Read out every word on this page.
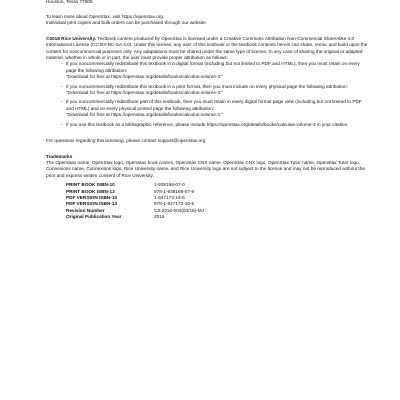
Houston, Texas 77005

To learn more about OpenStax, visit https://openstax.org.

Individual print copies and bulk orders can be purchased through our website.

©2018 Rice University. Textbook content produced by OpenStax is licensed under a Creative Commons Attribution Non-Commercial ShareAlike 4.0 International License (CC BY-NC-SA 4.0). Under this license, any user of this textbook or the textbook contents herein can share, remix, and build upon the content for noncommercial purposes only. Any adaptations must be shared under the same type of license. In any case of sharing the original or adapted material, whether in whole or in part, the user must provide proper attribution as follows:

- If you noncommercially redistribute this textbook in a digital format (including but not limited to PDF and HTML), then you must retain on every page the following attribution:
“Download for free at https://openstax.org/details/books/calculus-volume-3.”
- If you noncommercially redistribute this textbook in a print format, then you must include on every physical page the following attribution:
“Download for free at https://openstax.org/details/books/calculus-volume-3.”
- If you noncommercially redistribute part of this textbook, then you must retain in every digital format page view (including but not limited to PDF and HTML) and on every physical printed page the following attribution:
“Download for free at https://openstax.org/details/books/calculus-volume-3.”
- If you use this textbook as a bibliographic reference, please include https://openstax.org/details/books/calculus-volume-3 in your citation.

For questions regarding this licensing, please contact support@openstax.org.

Trademarks

The OpenStax name, OpenStax logo, OpenStax book covers, OpenStax CNX name, OpenStax CNX logo, OpenStax Tutor name, Openstax Tutor logo, Connexions name, Connexions logo, Rice University name, and Rice University logo are not subject to the license and may not be reproduced without the prior and express written consent of Rice University.

PRINT BOOK ISBN-10	1-938168-07-0
PRINT BOOK ISBN-13	978-1-938168-07-9
PDF VERSION ISBN-10	1-947172-16-6
PDF VERSION ISBN-13	978-1-947172-16-6
Revision Number	C3-2016-003(03/18)-MJ
Original Publication Year	2016
